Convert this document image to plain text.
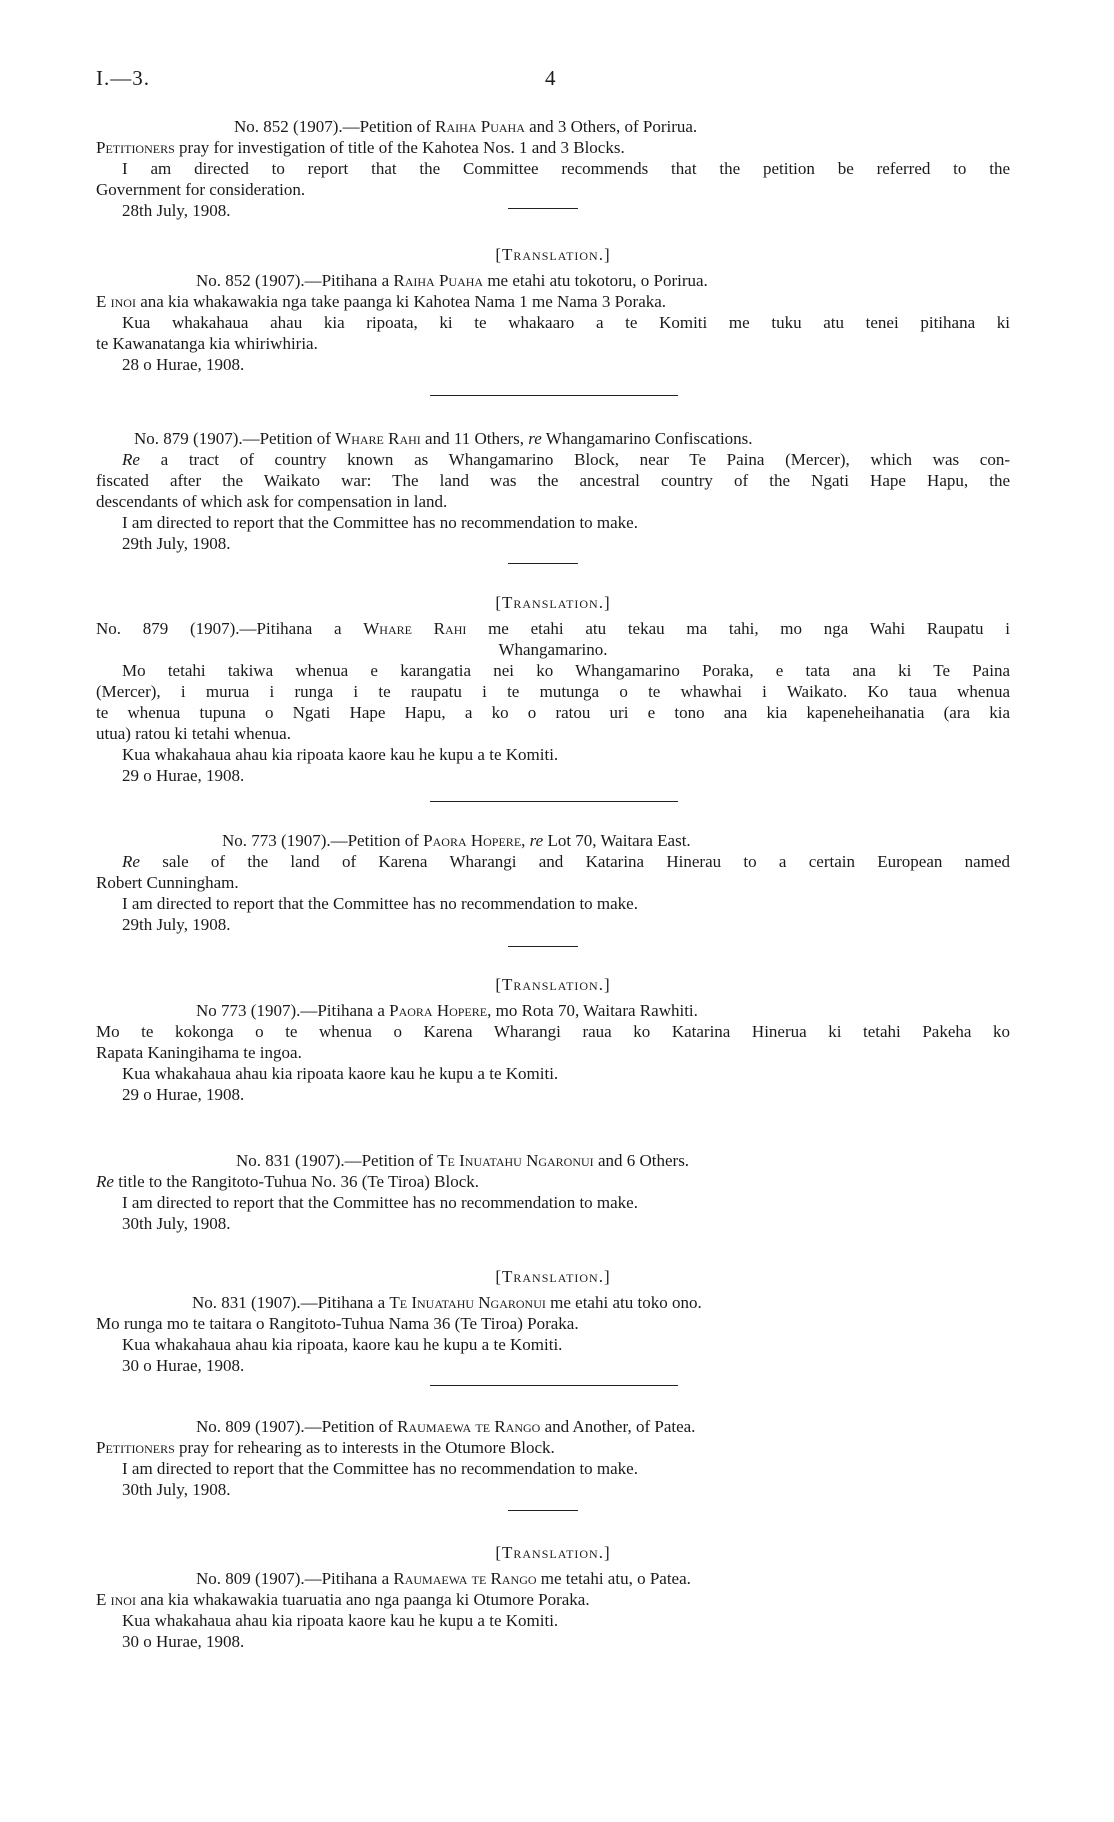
I.—3.	4
No. 852 (1907).—Petition of Raiha Puaha and 3 Others, of Porirua.
Petitioners pray for investigation of title of the Kahotea Nos. 1 and 3 Blocks.
I am directed to report that the Committee recommends that the petition be referred to the
Government for consideration.
28th July, 1908.
[Translation.]
No. 852 (1907).—Pitihana a Raiha Puaha me etahi atu tokotoru, o Porirua.
E inoi ana kia whakawakia nga take paanga ki Kahotea Nama 1 me Nama 3 Poraka.
Kua whakahaua ahau kia ripoata, ki te whakaaro a te Komiti me tuku atu tenei pitihana ki
te Kawanatanga kia whiriwhiria.
28 o Hurae, 1908.
No. 879 (1907).—Petition of Whare Rahi and 11 Others, re Whangamarino Confiscations.
Re a tract of country known as Whangamarino Block, near Te Paina (Mercer), which was con-
fiscated after the Waikato war: The land was the ancestral country of the Ngati Hape Hapu, the
descendants of which ask for compensation in land.
I am directed to report that the Committee has no recommendation to make.
29th July, 1908.
[Translation.]
No. 879 (1907).—Pitihana a Whare Rahi me etahi atu tekau ma tahi, mo nga Wahi Raupatu i
Whangamarino.
Mo tetahi takiwa whenua e karangatia nei ko Whangamarino Poraka, e tata ana ki Te Paina
(Mercer), i murua i runga i te raupatu i te mutunga o te whawhai i Waikato. Ko taua whenua
te whenua tupuna o Ngati Hape Hapu, a ko o ratou uri e tono ana kia kapeneheihanatia (ara kia
utua) ratou ki tetahi whenua.
Kua whakahaua ahau kia ripoata kaore kau he kupu a te Komiti.
29 o Hurae, 1908.
No. 773 (1907).—Petition of Paora Hopere, re Lot 70, Waitara East.
Re sale of the land of Karena Wharangi and Katarina Hinerau to a certain European named
Robert Cunningham.
I am directed to report that the Committee has no recommendation to make.
29th July, 1908.
[Translation.]
No 773 (1907).—Pitihana a Paora Hopere, mo Rota 70, Waitara Rawhiti.
Mo te kokonga o te whenua o Karena Wharangi raua ko Katarina Hinerua ki tetahi Pakeha ko
Rapata Kaningihama te ingoa.
Kua whakahaua ahau kia ripoata kaore kau he kupu a te Komiti.
29 o Hurae, 1908.
No. 831 (1907).—Petition of Te Inuatahu Ngaronui and 6 Others.
Re title to the Rangitoto-Tuhua No. 36 (Te Tiroa) Block.
I am directed to report that the Committee has no recommendation to make.
30th July, 1908.
[Translation.]
No. 831 (1907).—Pitihana a Te Inuatahu Ngaronui me etahi atu toko ono.
Mo runga mo te taitara o Rangitoto-Tuhua Nama 36 (Te Tiroa) Poraka.
Kua whakahaua ahau kia ripoata, kaore kau he kupu a te Komiti.
30 o Hurae, 1908.
No. 809 (1907).—Petition of Raumaewa te Rango and Another, of Patea.
Petitioners pray for rehearing as to interests in the Otumore Block.
I am directed to report that the Committee has no recommendation to make.
30th July, 1908.
[Translation.]
No. 809 (1907).—Pitihana a Raumaewa te Rango me tetahi atu, o Patea.
E inoi ana kia whakawakia tuaruatia ano nga paanga ki Otumore Poraka.
Kua whakahaua ahau kia ripoata kaore kau he kupu a te Komiti.
30 o Hurae, 1908.
